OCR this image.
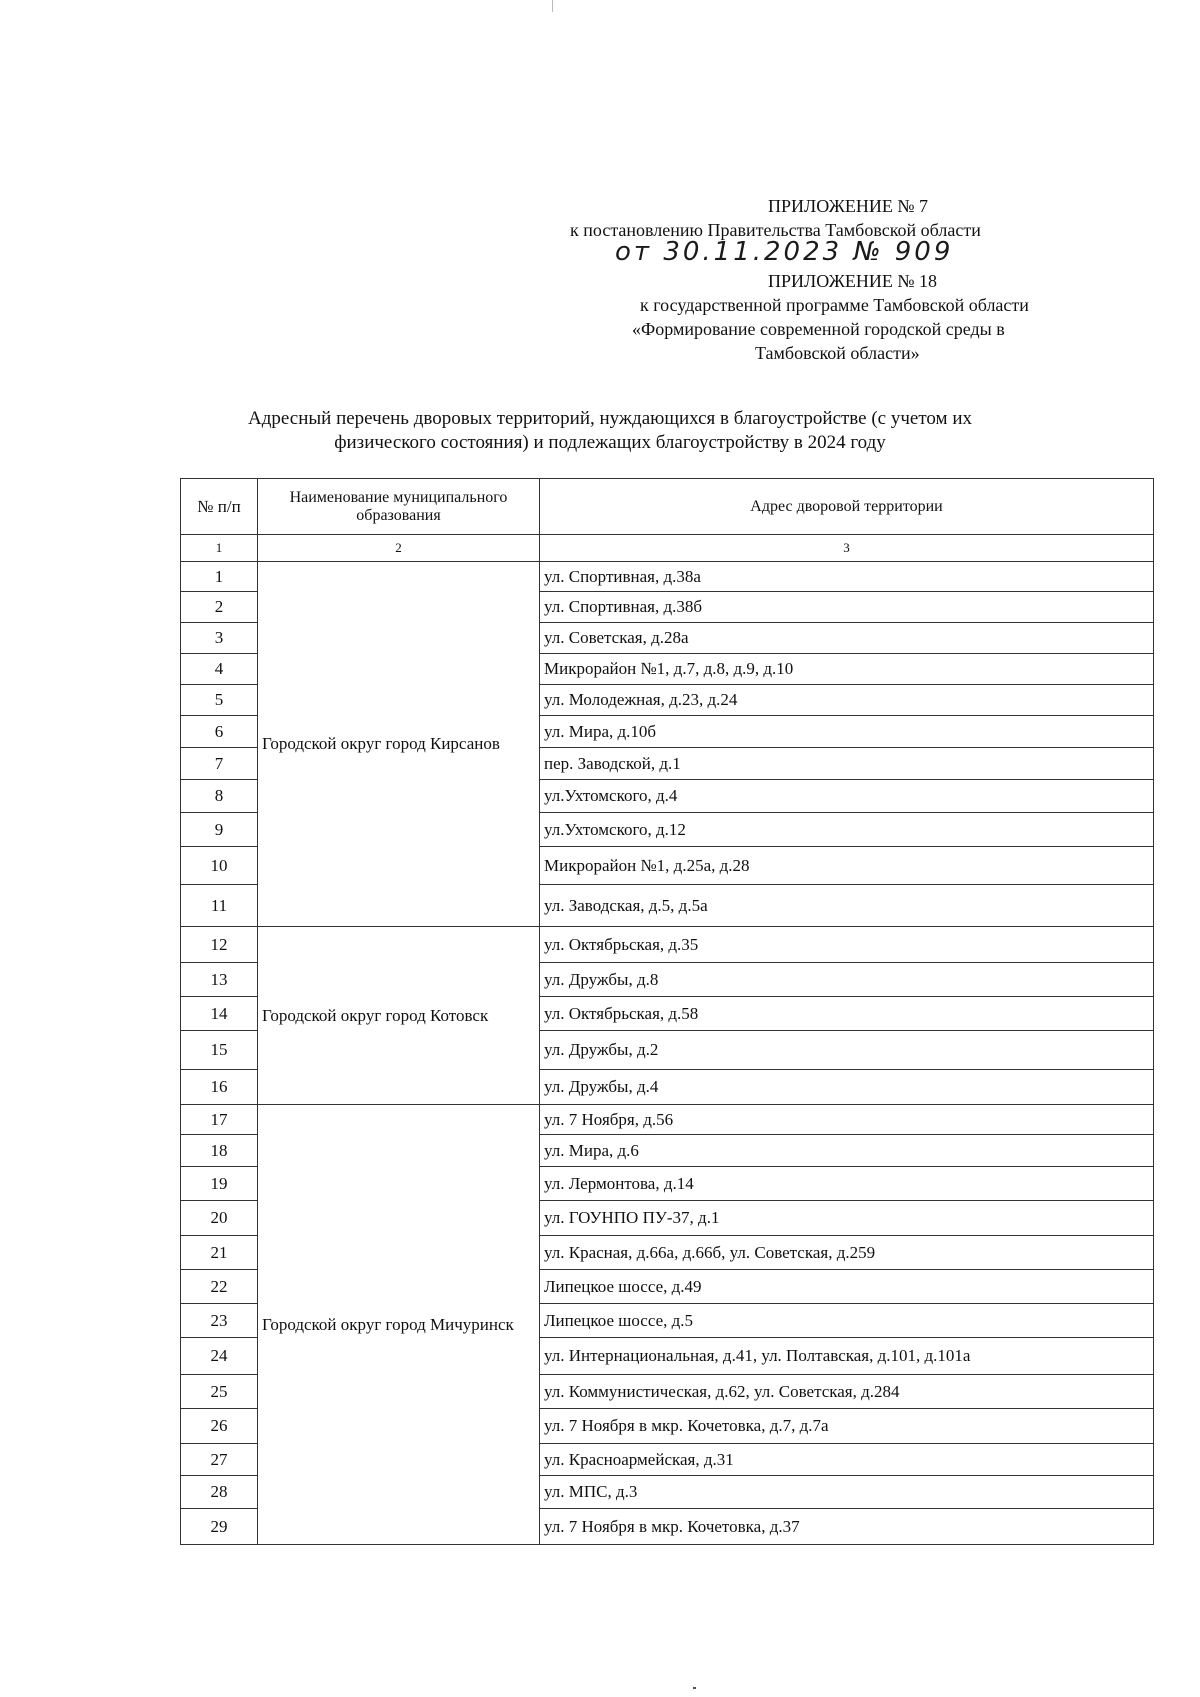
ПРИЛОЖЕНИЕ № 7
к постановлению Правительства Тамбовской области
от 30.11.2023 № 909
ПРИЛОЖЕНИЕ № 18
к государственной программе Тамбовской области
«Формирование современной городской среды в
Тамбовской области»
Адресный перечень дворовых территорий, нуждающихся в благоустройстве (с учетом их
физического состояния) и подлежащих благоустройству в 2024 году
№ п/п	Наименование муниципального образования	Адрес дворовой территории
1	2	3
1	Городской округ город Кирсанов	ул. Спортивная, д.38а
2		ул. Спортивная, д.38б
3		ул. Советская, д.28а
4		Микрорайон №1, д.7, д.8, д.9, д.10
5		ул. Молодежная, д.23, д.24
6		ул. Мира, д.10б
7		пер. Заводской, д.1
8		ул.Ухтомского, д.4
9		ул.Ухтомского, д.12
10		Микрорайон №1, д.25а, д.28
11		ул. Заводская, д.5, д.5а
12	Городской округ город Котовск	ул. Октябрьская, д.35
13		ул. Дружбы, д.8
14		ул. Октябрьская, д.58
15		ул. Дружбы, д.2
16		ул. Дружбы, д.4
17	Городской округ город Мичуринск	ул. 7 Ноября, д.56
18		ул. Мира, д.6
19		ул. Лермонтова, д.14
20		ул. ГОУНПО ПУ-37, д.1
21		ул. Красная, д.66а, д.66б, ул. Советская, д.259
22		Липецкое шоссе, д.49
23		Липецкое шоссе, д.5
24		ул. Интернациональная, д.41, ул. Полтавская, д.101, д.101а
25		ул. Коммунистическая, д.62, ул. Советская, д.284
26		ул. 7 Ноября в мкр. Кочетовка, д.7, д.7а
27		ул. Красноармейская, д.31
28		ул. МПС, д.3
29		ул. 7 Ноября в мкр. Кочетовка, д.37
